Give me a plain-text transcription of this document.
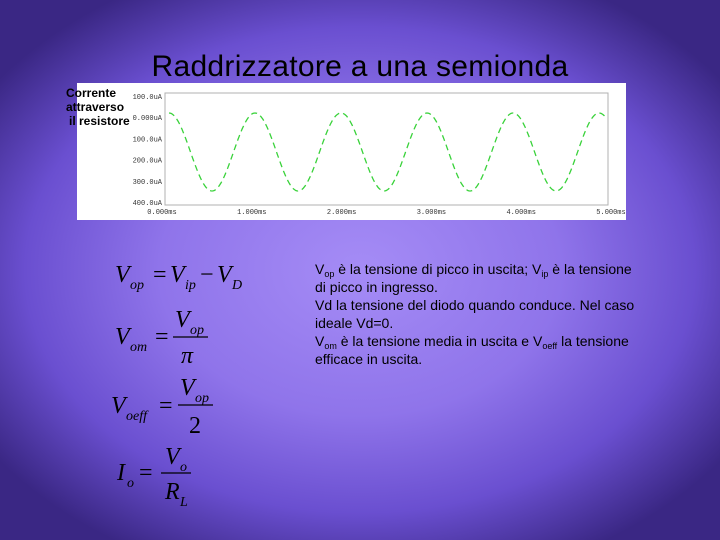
Raddrizzatore a una semionda
100.0uA
0.000uA
100.0uA
200.0uA
300.0uA
400.0uA
0.000ms	1.000ms	2.000ms	3.000ms	4.000ms	5.000ms
Corrente
attraverso
il resistore
V op = V ip − V D
V om =
V op
π
V oeff =
V op
2
I o =
V o
R L
$V_{op}$ è la tensione di picco in uscita; $V_{ip}$ è la tensione di picco in ingresso.
Vd la tensione del diodo quando conduce. Nel caso ideale Vd=0.
$V_{om}$ è la tensione media in uscita e $V_{oeff}$ la tensione efficace in uscita.
